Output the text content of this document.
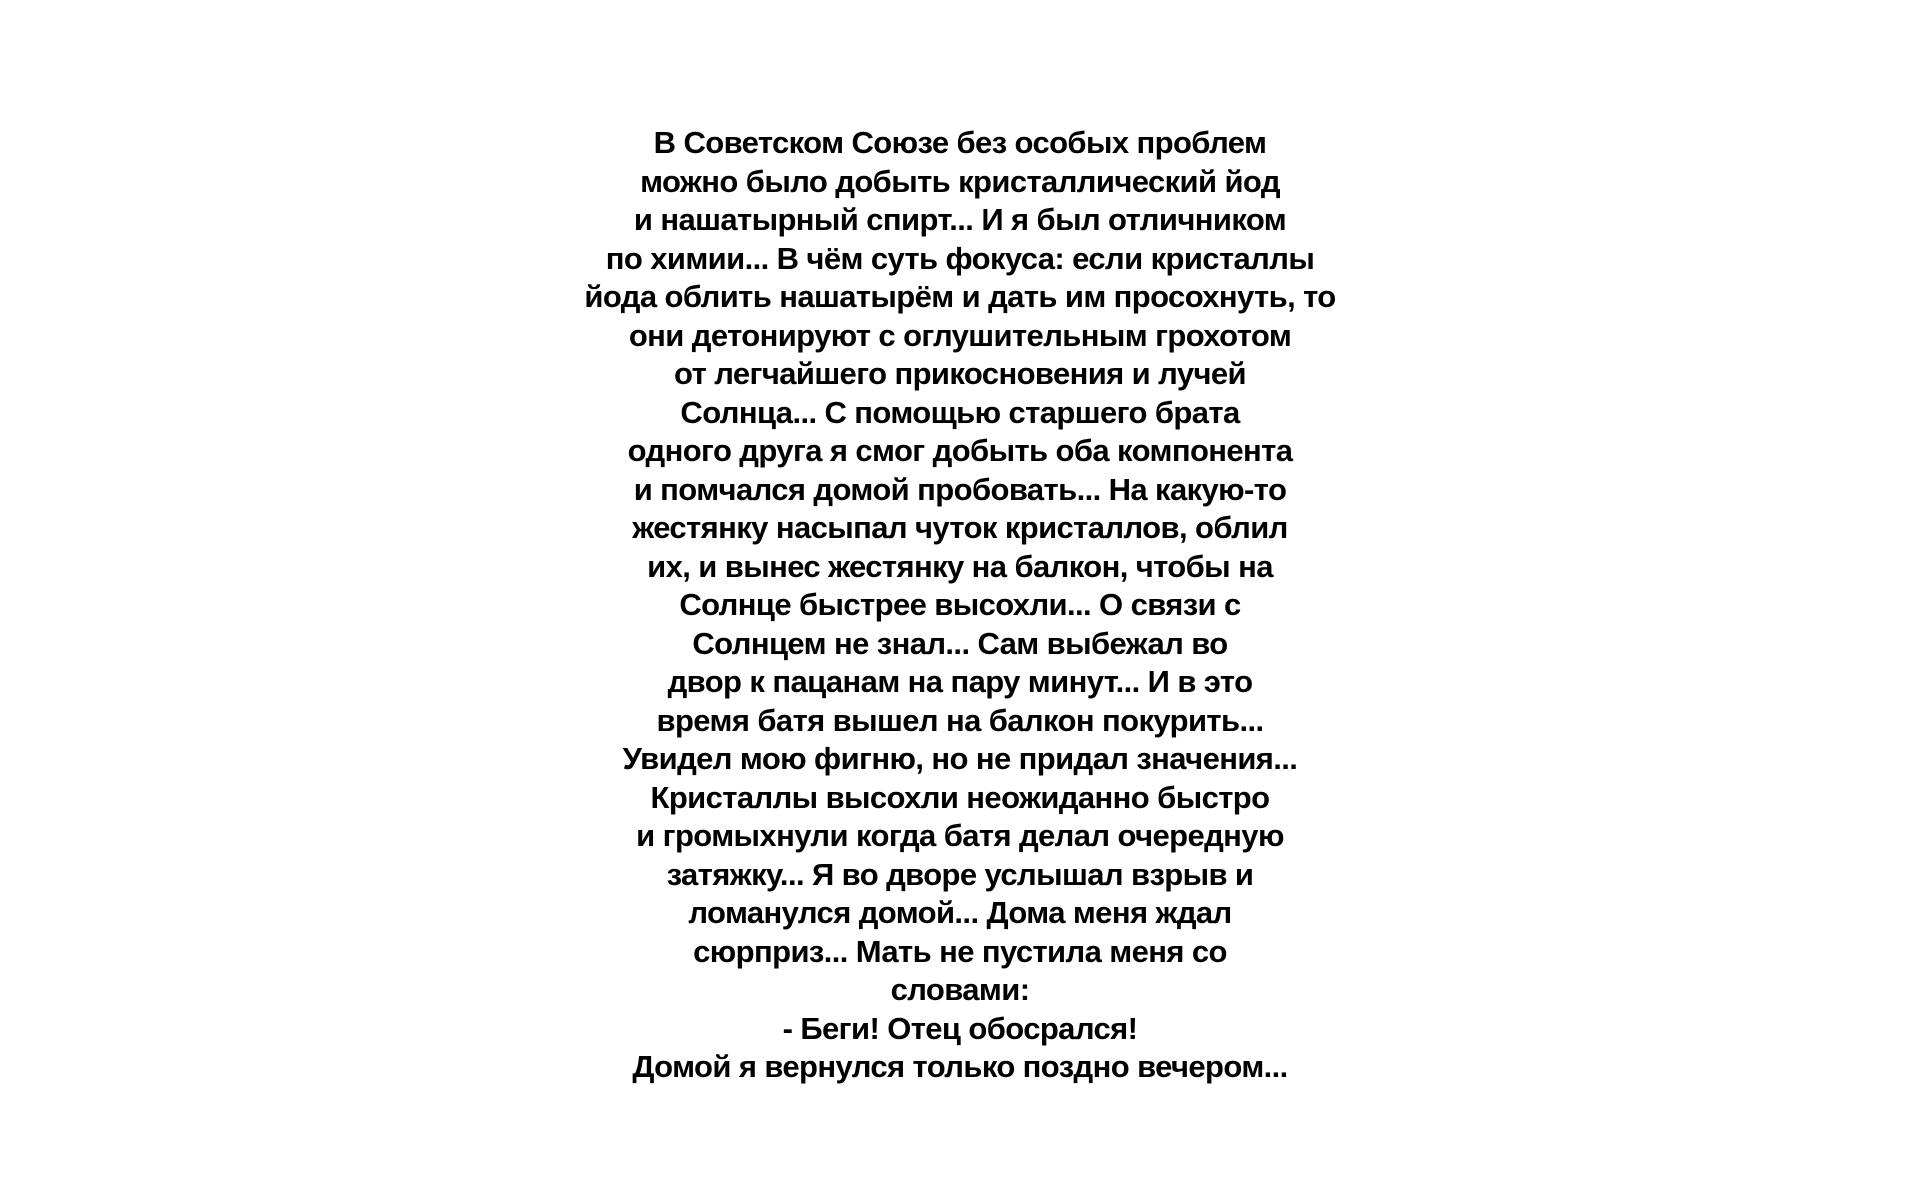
В Советском Союзе без особых проблем
можно было добыть кристаллический йод
и нашатырный спирт... И я был отличником
по химии... В чём суть фокуса: если кристаллы
йода облить нашатырём и дать им просохнуть, то
они детонируют с оглушительным грохотом
от легчайшего прикосновения и лучей
Солнца... С помощью старшего брата
одного друга я смог добыть оба компонента
и помчался домой пробовать... На какую-то
жестянку насыпал чуток кристаллов, облил
их, и вынес жестянку на балкон, чтобы на
Солнце быстрее высохли... О связи с
Солнцем не знал... Сам выбежал во
двор к пацанам на пару минут... И в это
время батя вышел на балкон покурить...
Увидел мою фигню, но не придал значения...
Кристаллы высохли неожиданно быстро
и громыхнули когда батя делал очередную
затяжку... Я во дворе услышал взрыв и
ломанулся домой... Дома меня ждал
сюрприз... Мать не пустила меня со
словами:
- Беги! Отец обосрался!
Домой я вернулся только поздно вечером...
